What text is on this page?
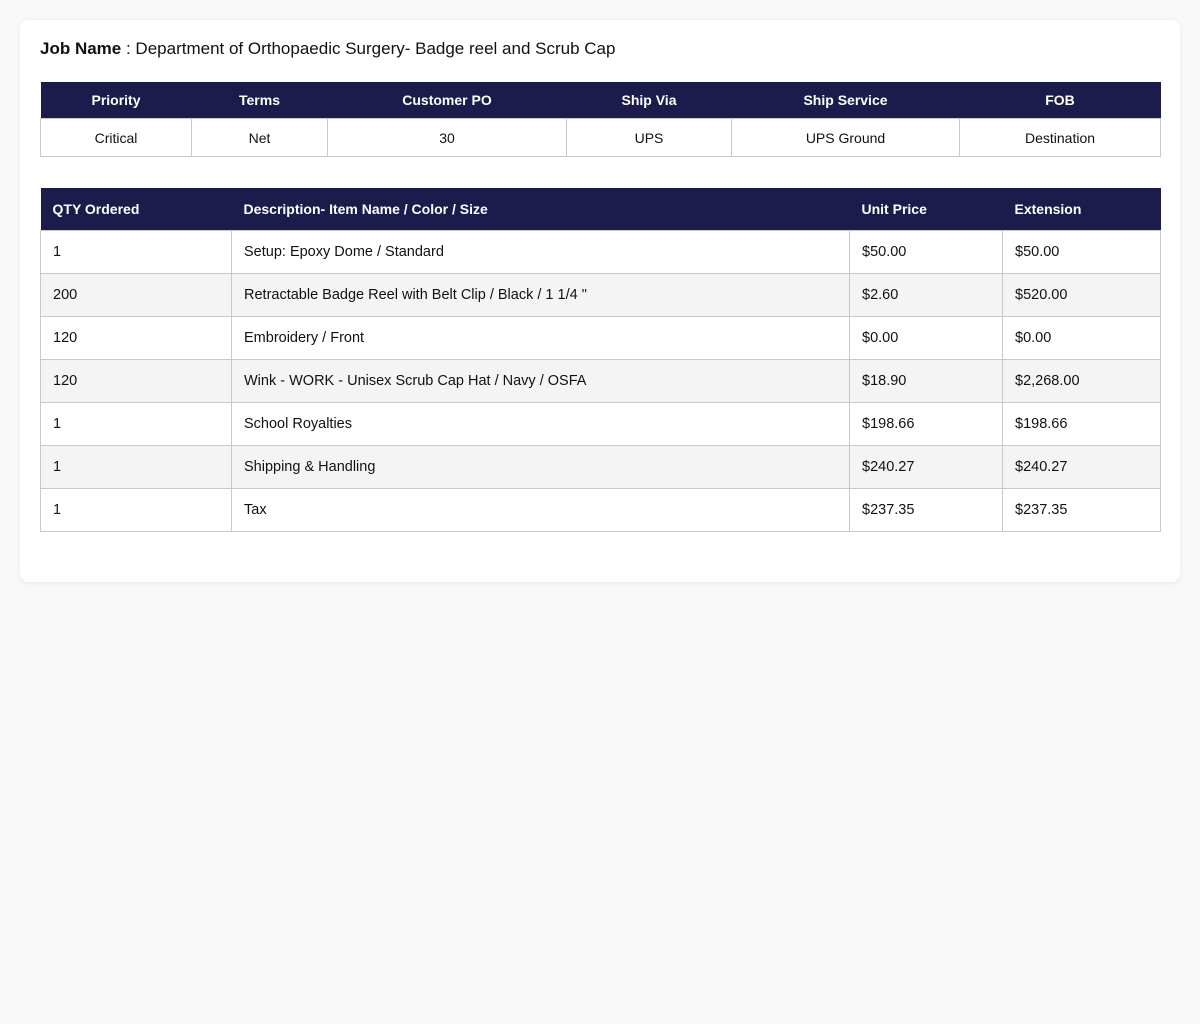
Job Name : Department of Orthopaedic Surgery- Badge reel and Scrub Cap
Priority	Terms	Customer PO	Ship Via	Ship Service	FOB
Critical	Net	30	UPS	UPS Ground	Destination
QTY Ordered	Description- Item Name / Color / Size	Unit Price	Extension
1	Setup: Epoxy Dome / Standard	$50.00	$50.00
200	Retractable Badge Reel with Belt Clip / Black / 1 1/4 "	$2.60	$520.00
120	Embroidery / Front	$0.00	$0.00
120	Wink - WORK - Unisex Scrub Cap Hat / Navy / OSFA	$18.90	$2,268.00
1	School Royalties	$198.66	$198.66
1	Shipping & Handling	$240.27	$240.27
1	Tax	$237.35	$237.35
